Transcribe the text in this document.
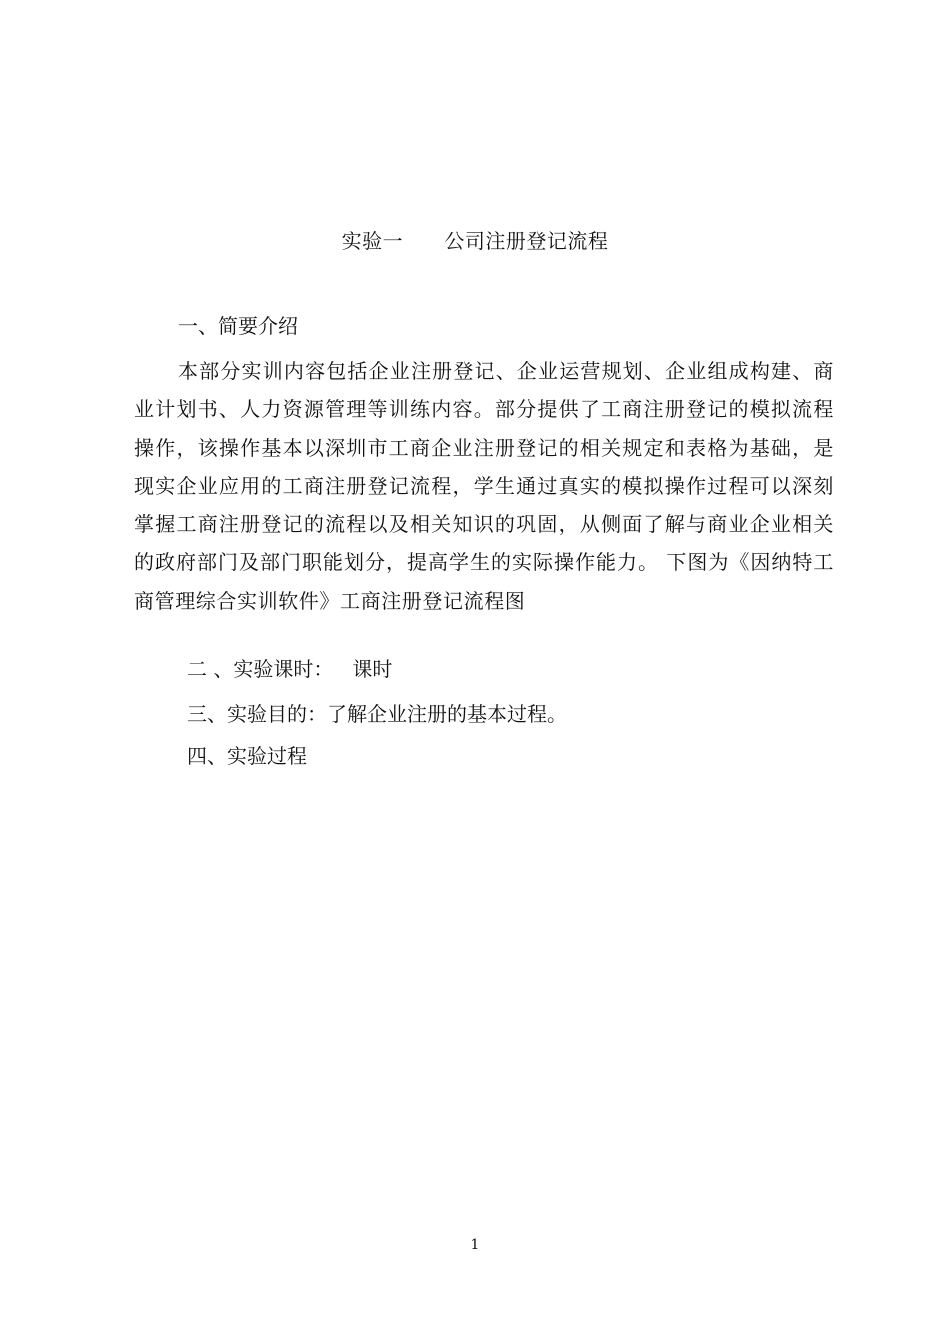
实验一      公司注册登记流程
一、简要介绍
本部分实训内容包括企业注册登记、企业运营规划、企业组成构建、商业计划书、人力资源管理等训练内容。部分提供了工商注册登记的模拟流程操作，该操作基本以深圳市工商企业注册登记的相关规定和表格为基础，是现实企业应用的工商注册登记流程，学生通过真实的模拟操作过程可以深刻掌握工商注册登记的流程以及相关知识的巩固，从侧面了解与商业企业相关的政府部门及部门职能划分，提高学生的实际操作能力。 下图为《因纳特工商管理综合实训软件》工商注册登记流程图
二 、实验课时：   课时
三、实验目的：了解企业注册的基本过程。
四、实验过程
1
